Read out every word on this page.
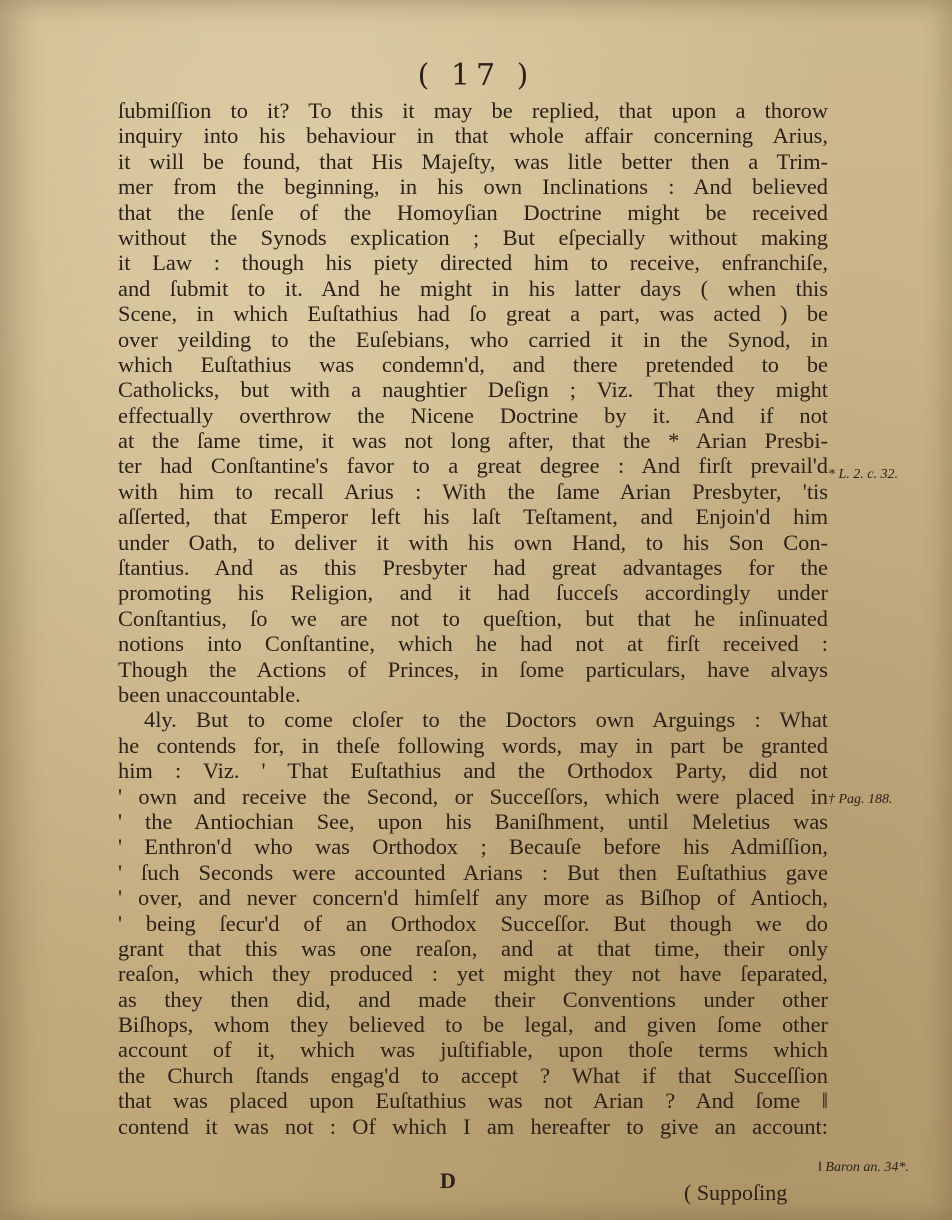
( 17 )
ſubmiſſion to it? To this it may be replied, that upon a thorow
inquiry into his behaviour in that whole affair concerning Arius,
it will be found, that His Majeſty, was litle better then a Trim-
mer from the beginning, in his own Inclinations : And believed
that the ſenſe of the Homoyſian Doctrine might be received
without the Synods explication ; But eſpecially without making
it Law : though his piety directed him to receive, enfranchiſe,
and ſubmit to it. And he might in his latter days ( when this
Scene, in which Euſtathius had ſo great a part, was acted ) be
over yeilding to the Euſebians, who carried it in the Synod, in
which Euſtathius was condemn'd, and there pretended to be
Catholicks, but with a naughtier Deſign ; Viz. That they might
effectually overthrow the Nicene Doctrine by it. And if not
at the ſame time, it was not long after, that the * Arian Presbi-
ter had Conſtantine's favor to a great degree : And firſt prevail'd
with him to recall Arius : With the ſame Arian Presbyter, 'tis
aſſerted, that Emperor left his laſt Teſtament, and Enjoin'd him
under Oath, to deliver it with his own Hand, to his Son Con-
ſtantius. And as this Presbyter had great advantages for the
promoting his Religion, and it had ſucceſs accordingly under
Conſtantius, ſo we are not to queſtion, but that he inſinuated
notions into Conſtantine, which he had not at firſt received :
Though the Actions of Princes, in ſome particulars, have alvays
been unaccountable.
4ly. But to come cloſer to the Doctors own Arguings : What
he contends for, in theſe following words, may in part be granted
him : Viz. ' That Euſtathius and the Orthodox Party, did not
' own and receive the Second, or Succeſſors, which were placed in
' the Antiochian See, upon his Baniſhment, until Meletius was
' Enthron'd who was Orthodox ; Becauſe before his Admiſſion,
' ſuch Seconds were accounted Arians : But then Euſtathius gave
' over, and never concern'd himſelf any more as Biſhop of Antioch,
' being ſecur'd of an Orthodox Succeſſor. But though we do
grant that this was one reaſon, and at that time, their only
reaſon, which they produced : yet might they not have ſeparated,
as they then did, and made their Conventions under other
Biſhops, whom they believed to be legal, and given ſome other
account of it, which was juſtifiable, upon thoſe terms which
the Church ſtands engag'd to accept ? What if that Succeſſion
that was placed upon Euſtathius was not Arian ? And ſome ‖
contend it was not : Of which I am hereafter to give an account:
* L. 2. c. 32.
† Pag. 188.
‖ Baron an. 34*.
D	( Suppoſing
